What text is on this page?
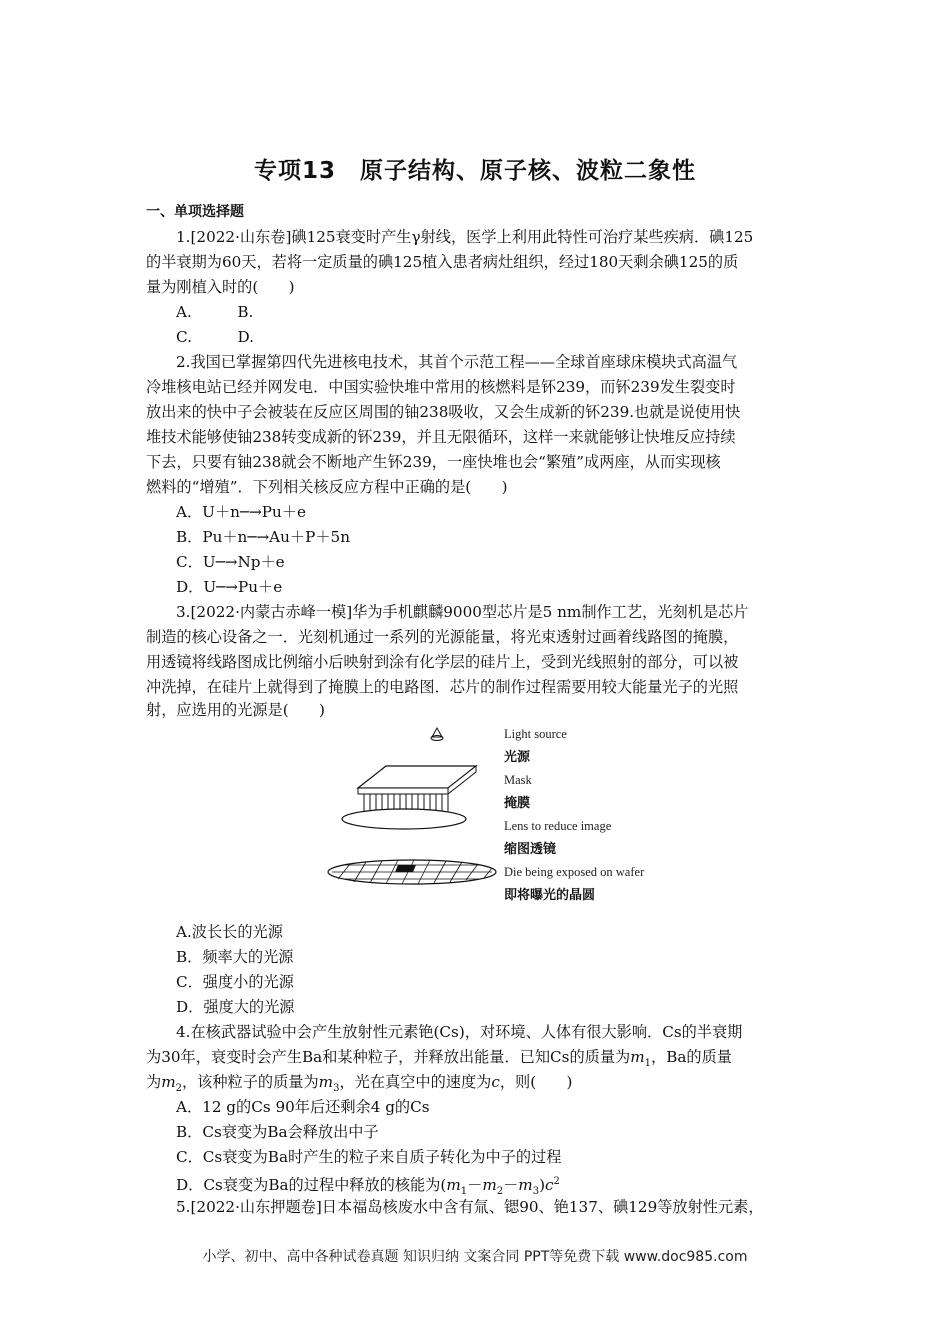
专项13　原子结构、原子核、波粒二象性
一、单项选择题
1.[2022·山东卷]碘125衰变时产生γ射线，医学上利用此特性可治疗某些疾病．碘125
的半衰期为60天，若将一定质量的碘125植入患者病灶组织，经过180天剩余碘125的质
量为刚植入时的(　　)
A.　　　B.
C.　　　D.
2.我国已掌握第四代先进核电技术，其首个示范工程——全球首座球床模块式高温气
冷堆核电站已经并网发电．中国实验快堆中常用的核燃料是钚239，而钚239发生裂变时
放出来的快中子会被装在反应区周围的铀238吸收，又会生成新的钚239.也就是说使用快
堆技术能够使铀238转变成新的钚239，并且无限循环，这样一来就能够让快堆反应持续
下去，只要有铀238就会不断地产生钚239，一座快堆也会“繁殖”成两座，从而实现核
燃料的“增殖”．下列相关核反应方程中正确的是(　　)
A．U＋n─→Pu＋e
B．Pu＋n─→Au＋P＋5n
C．U─→Np＋e
D．U─→Pu＋e
3.[2022·内蒙古赤峰一模]华为手机麒麟9000型芯片是5 nm制作工艺，光刻机是芯片
制造的核心设备之一．光刻机通过一系列的光源能量，将光束透射过画着线路图的掩膜，
用透镜将线路图成比例缩小后映射到涂有化学层的硅片上，受到光线照射的部分，可以被
冲洗掉，在硅片上就得到了掩膜上的电路图．芯片的制作过程需要用较大能量光子的光照
射，应选用的光源是(　　)
Light source
光源
Mask
掩膜
Lens to reduce image
缩图透镜
Die being exposed on wafer
即将曝光的晶圆
A.波长长的光源
B．频率大的光源
C．强度小的光源
D．强度大的光源
4.在核武器试验中会产生放射性元素铯(Cs)，对环境、人体有很大影响．Cs的半衰期
为30年，衰变时会产生Ba和某种粒子，并释放出能量．已知Cs的质量为$m_1$，Ba的质量
为$m_2$，该种粒子的质量为$m_3$，光在真空中的速度为c，则(　　)
A．12 g的Cs 90年后还剩余4 g的Cs
B．Cs衰变为Ba会释放出中子
C．Cs衰变为Ba时产生的粒子来自质子转化为中子的过程
D．Cs衰变为Ba的过程中释放的核能为$(m_1-m_2-m_3)c^2$
5.[2022·山东押题卷]日本福岛核废水中含有氚、锶90、铯137、碘129等放射性元素，
小学、初中、高中各种试卷真题 知识归纳 文案合同 PPT等免费下载 www.doc985.com
